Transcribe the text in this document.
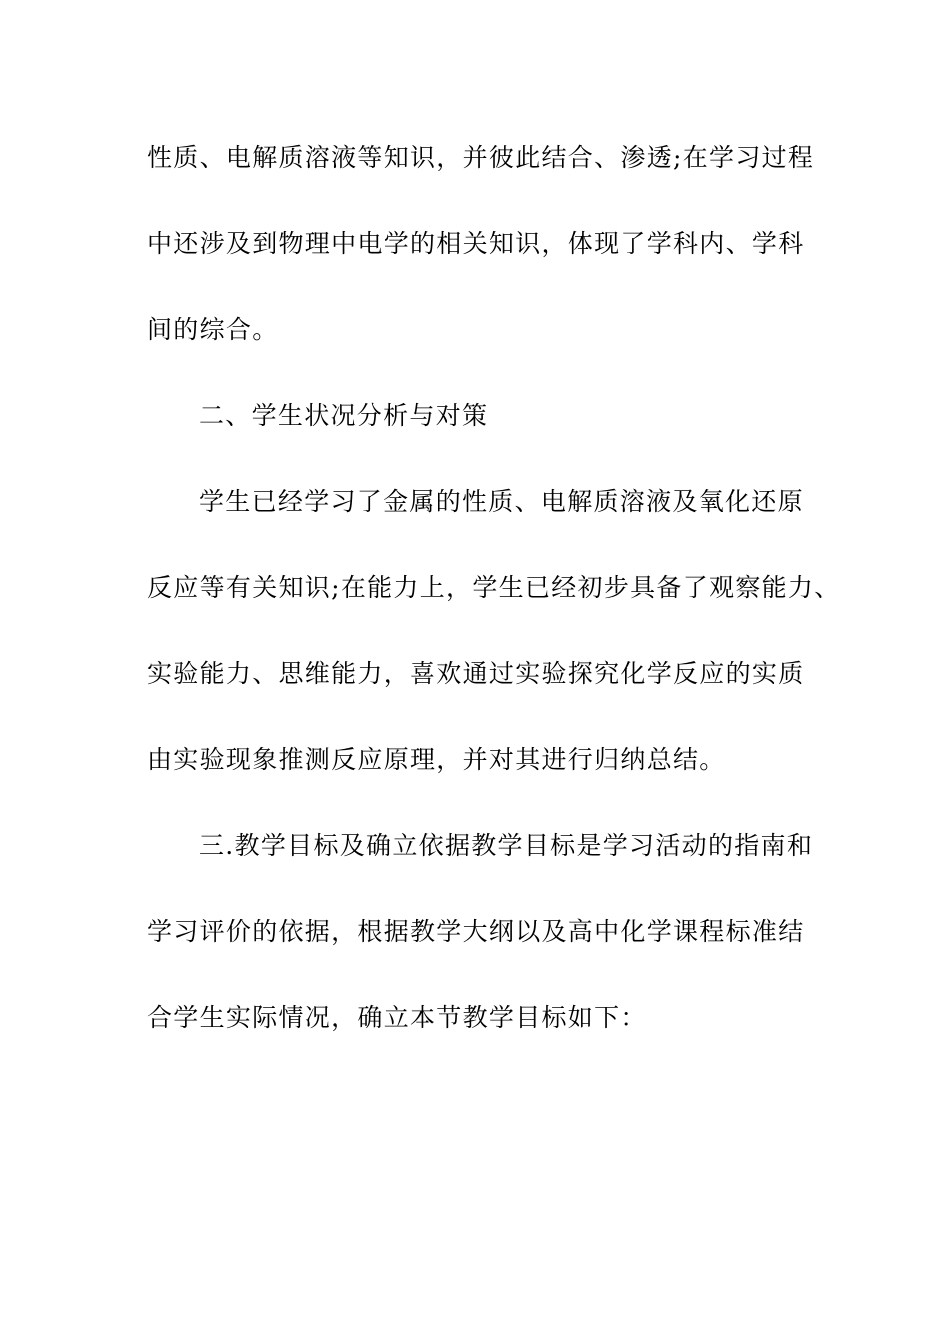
性质、电解质溶液等知识，并彼此结合、渗透;在学习过程
中还涉及到物理中电学的相关知识，体现了学科内、学科
间的综合。
二、学生状况分析与对策
学生已经学习了金属的性质、电解质溶液及氧化还原
反应等有关知识;在能力上，学生已经初步具备了观察能力、
实验能力、思维能力，喜欢通过实验探究化学反应的实质
由实验现象推测反应原理，并对其进行归纳总结。
三.教学目标及确立依据教学目标是学习活动的指南和
学习评价的依据，根据教学大纲以及高中化学课程标准结
合学生实际情况，确立本节教学目标如下：
